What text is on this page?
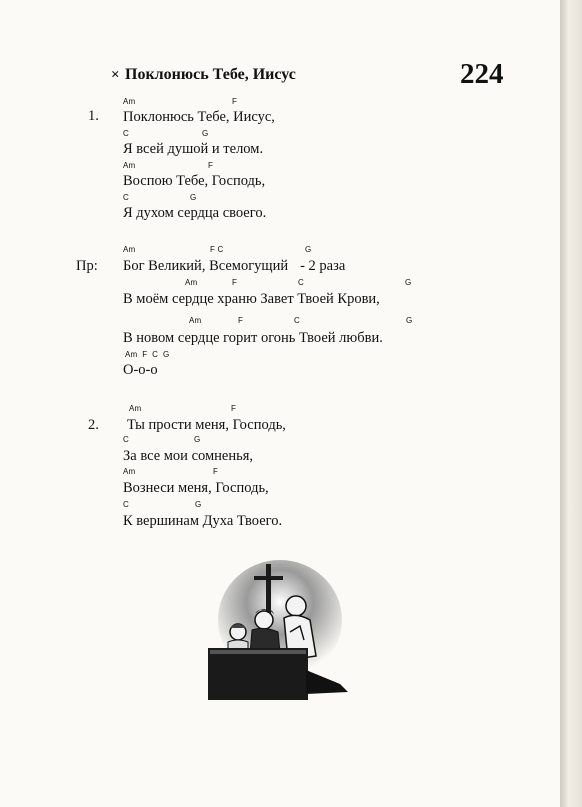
× Поклонюсь Тебе, Иисус	224
1.
Am	F
Поклонюсь Тебе, Иисус,
C	G
Я всей душой и телом.
Am	F
Воспою Тебе, Господь,
C	G
Я духом сердца своего.
Пр:
Am	F C	G
Бог Великий, Всемогущий - 2 раза
Am	F	C	G
В моём сердце храню Завет Твоей Крови,
Am	F	C	G
В новом сердце горит огонь Твоей любви.
Am  F  C  G
О-о-о
2.
Am	F
Ты прости меня, Господь,
C	G
За все мои сомненья,
Am	F
Вознеси меня, Господь,
C	G
К вершинам Духа Твоего.
